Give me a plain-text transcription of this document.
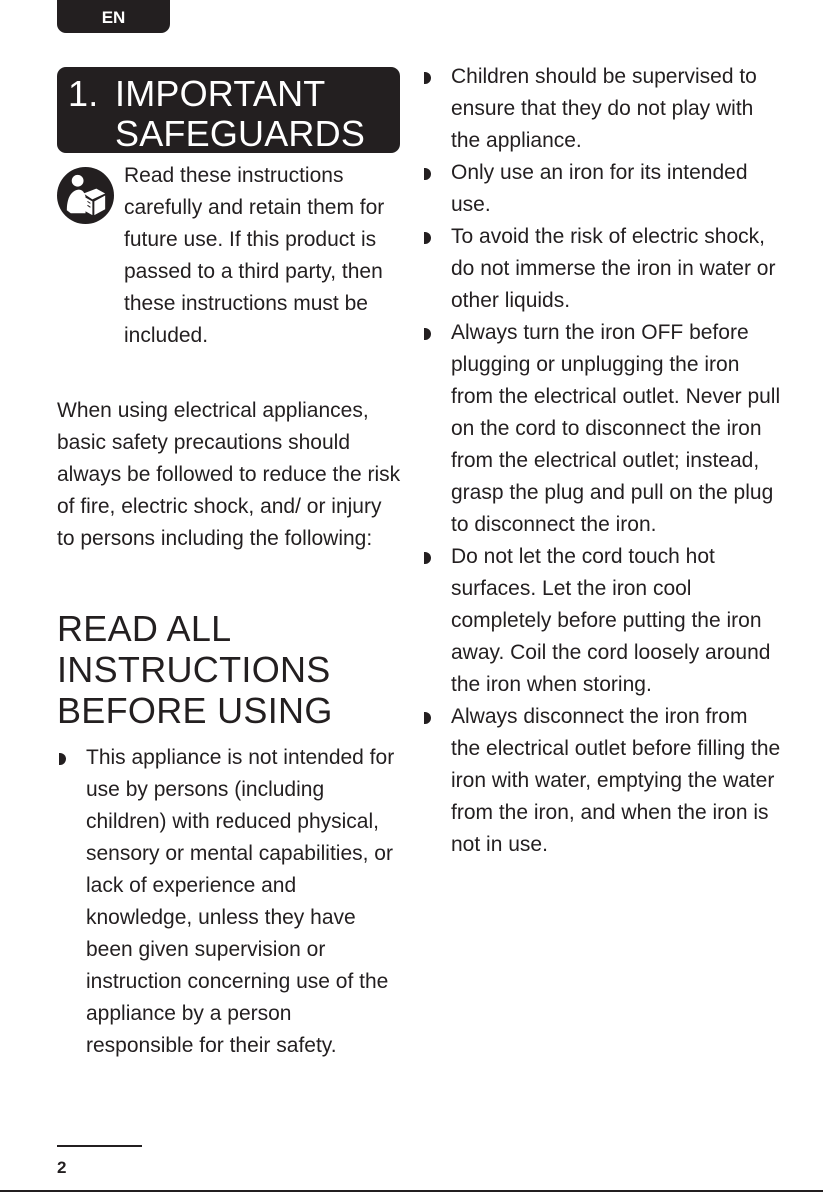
EN
1. IMPORTANT
SAFEGUARDS
Read these instructions carefully and retain them for future use. If this product is passed to a third party, then these instructions must be included.
When using electrical appliances, basic safety precautions should always be followed to reduce the risk of fire, electric shock, and/ or injury to persons including the following:
READ ALL
INSTRUCTIONS
BEFORE USING
This appliance is not intended for use by persons (including children) with reduced physical, sensory or mental capabilities, or lack of experience and knowledge, unless they have been given supervision or instruction concerning use of the appliance by a person responsible for their safety.
Children should be supervised to ensure that they do not play with the appliance.
Only use an iron for its intended use.
To avoid the risk of electric shock, do not immerse the iron in water or other liquids.
Always turn the iron OFF before plugging or unplugging the iron from the electrical outlet. Never pull on the cord to disconnect the iron from the electrical outlet; instead, grasp the plug and pull on the plug to disconnect the iron.
Do not let the cord touch hot surfaces. Let the iron cool completely before putting the iron away. Coil the cord loosely around the iron when storing.
Always disconnect the iron from the electrical outlet before filling the iron with water, emptying the water from the iron, and when the iron is not in use.
2
